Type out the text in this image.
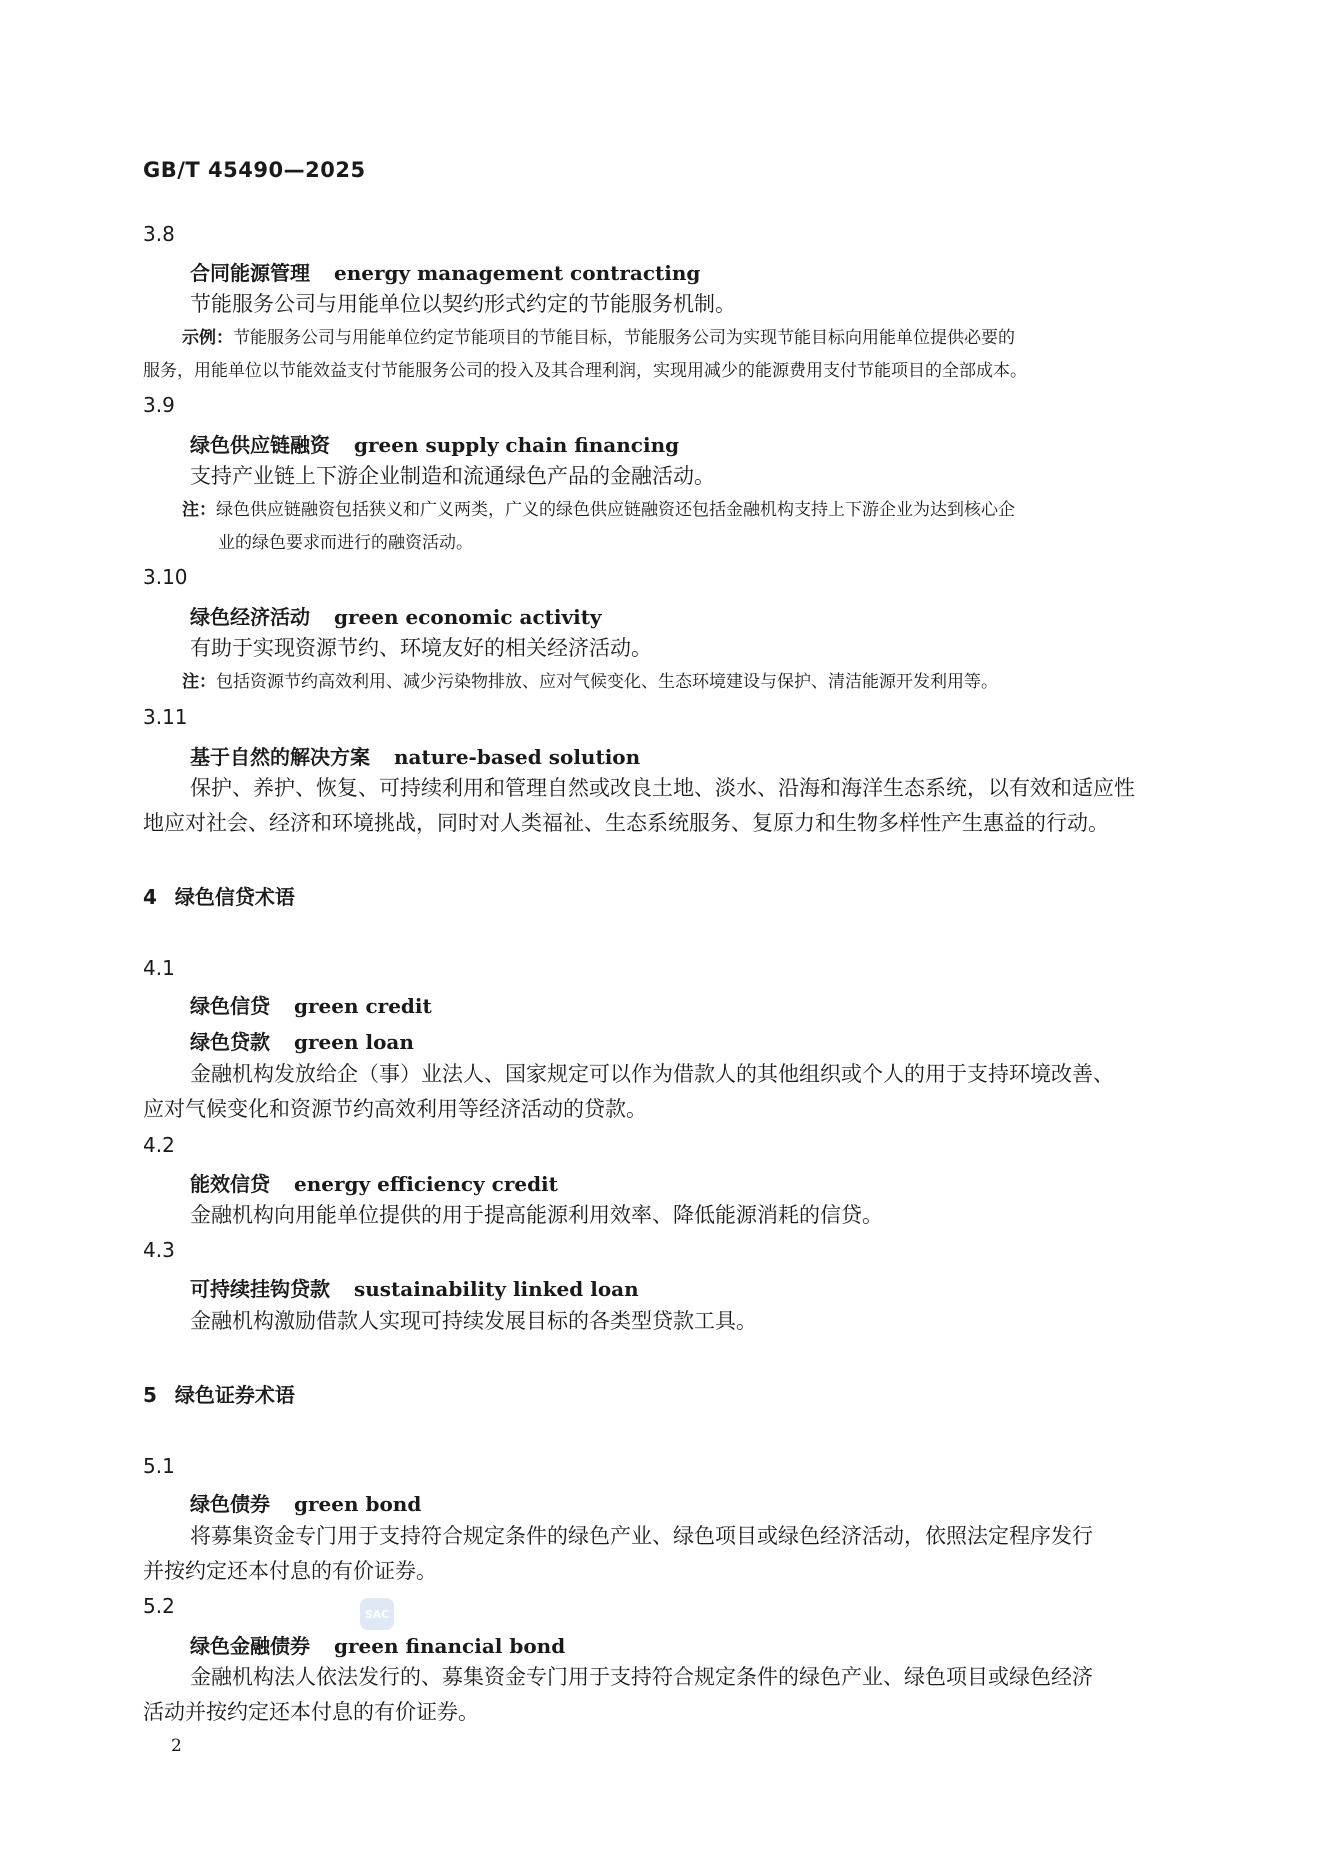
GB/T 45490—2025
3.8
合同能源管理 energy management contracting
节能服务公司与用能单位以契约形式约定的节能服务机制。
示例：节能服务公司与用能单位约定节能项目的节能目标，节能服务公司为实现节能目标向用能单位提供必要的
服务，用能单位以节能效益支付节能服务公司的投入及其合理利润，实现用减少的能源费用支付节能项目的全部成本。
3.9
绿色供应链融资 green supply chain financing
支持产业链上下游企业制造和流通绿色产品的金融活动。
注：绿色供应链融资包括狭义和广义两类，广义的绿色供应链融资还包括金融机构支持上下游企业为达到核心企
业的绿色要求而进行的融资活动。
3.10
绿色经济活动 green economic activity
有助于实现资源节约、环境友好的相关经济活动。
注：包括资源节约高效利用、减少污染物排放、应对气候变化、生态环境建设与保护、清洁能源开发利用等。
3.11
基于自然的解决方案 nature-based solution
保护、养护、恢复、可持续利用和管理自然或改良土地、淡水、沿海和海洋生态系统，以有效和适应性
地应对社会、经济和环境挑战，同时对人类福祉、生态系统服务、复原力和生物多样性产生惠益的行动。
4 绿色信贷术语
4.1
绿色信贷 green credit
绿色贷款 green loan
金融机构发放给企（事）业法人、国家规定可以作为借款人的其他组织或个人的用于支持环境改善、
应对气候变化和资源节约高效利用等经济活动的贷款。
4.2
能效信贷 energy efficiency credit
金融机构向用能单位提供的用于提高能源利用效率、降低能源消耗的信贷。
4.3
可持续挂钩贷款 sustainability linked loan
金融机构激励借款人实现可持续发展目标的各类型贷款工具。
5 绿色证券术语
5.1
绿色债券 green bond
将募集资金专门用于支持符合规定条件的绿色产业、绿色项目或绿色经济活动，依照法定程序发行
并按约定还本付息的有价证券。
5.2	SAC
绿色金融债券 green financial bond
金融机构法人依法发行的、募集资金专门用于支持符合规定条件的绿色产业、绿色项目或绿色经济
活动并按约定还本付息的有价证券。
2
